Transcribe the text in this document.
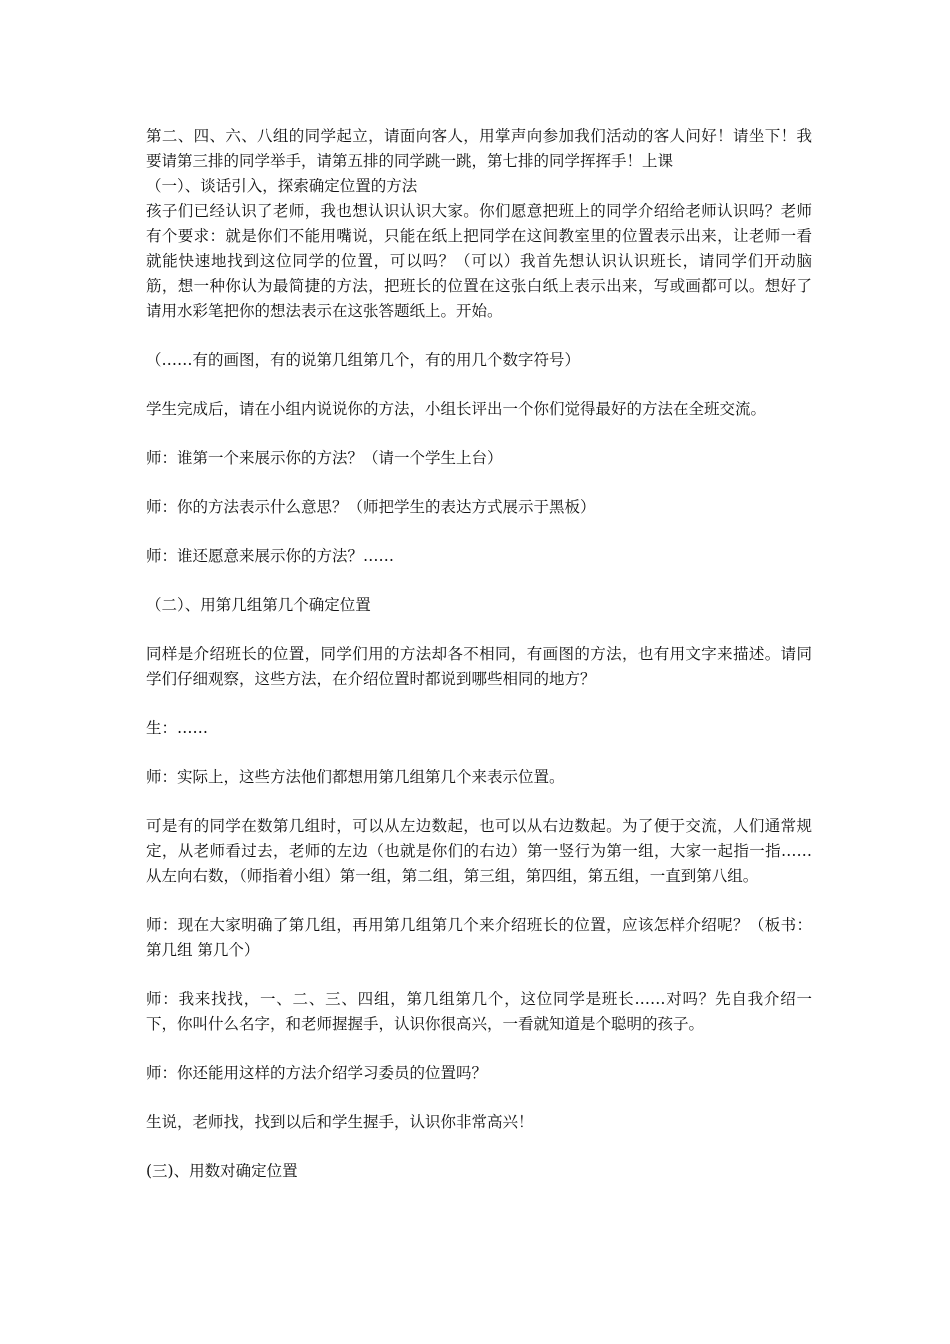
第二、四、六、八组的同学起立，请面向客人，用掌声向参加我们活动的客人问好！请坐下！我要请第三排的同学举手，请第五排的同学跳一跳，第七排的同学挥挥手！上课

（一）、谈话引入，探索确定位置的方法

孩子们已经认识了老师，我也想认识认识大家。你们愿意把班上的同学介绍给老师认识吗？老师有个要求：就是你们不能用嘴说，只能在纸上把同学在这间教室里的位置表示出来，让老师一看就能快速地找到这位同学的位置，可以吗？（可以）我首先想认识认识班长，请同学们开动脑筋，想一种你认为最简捷的方法，把班长的位置在这张白纸上表示出来，写或画都可以。想好了请用水彩笔把你的想法表示在这张答题纸上。开始。

（……有的画图，有的说第几组第几个，有的用几个数字符号）

学生完成后，请在小组内说说你的方法，小组长评出一个你们觉得最好的方法在全班交流。

师：谁第一个来展示你的方法？（请一个学生上台）

师：你的方法表示什么意思？（师把学生的表达方式展示于黑板）

师：谁还愿意来展示你的方法？……

（二）、用第几组第几个确定位置

同样是介绍班长的位置，同学们用的方法却各不相同，有画图的方法，也有用文字来描述。请同学们仔细观察，这些方法，在介绍位置时都说到哪些相同的地方？

生：……

师：实际上，这些方法他们都想用第几组第几个来表示位置。

可是有的同学在数第几组时，可以从左边数起，也可以从右边数起。为了便于交流，人们通常规定，从老师看过去，老师的左边（也就是你们的右边）第一竖行为第一组，大家一起指一指……从左向右数，（师指着小组）第一组，第二组，第三组，第四组，第五组，一直到第八组。

师：现在大家明确了第几组，再用第几组第几个来介绍班长的位置，应该怎样介绍呢？（板书：第几组 第几个）

师：我来找找，一、二、三、四组，第几组第几个，这位同学是班长……对吗？先自我介绍一下，你叫什么名字，和老师握握手，认识你很高兴，一看就知道是个聪明的孩子。

师：你还能用这样的方法介绍学习委员的位置吗？

生说，老师找，找到以后和学生握手，认识你非常高兴！

(三)、用数对确定位置
